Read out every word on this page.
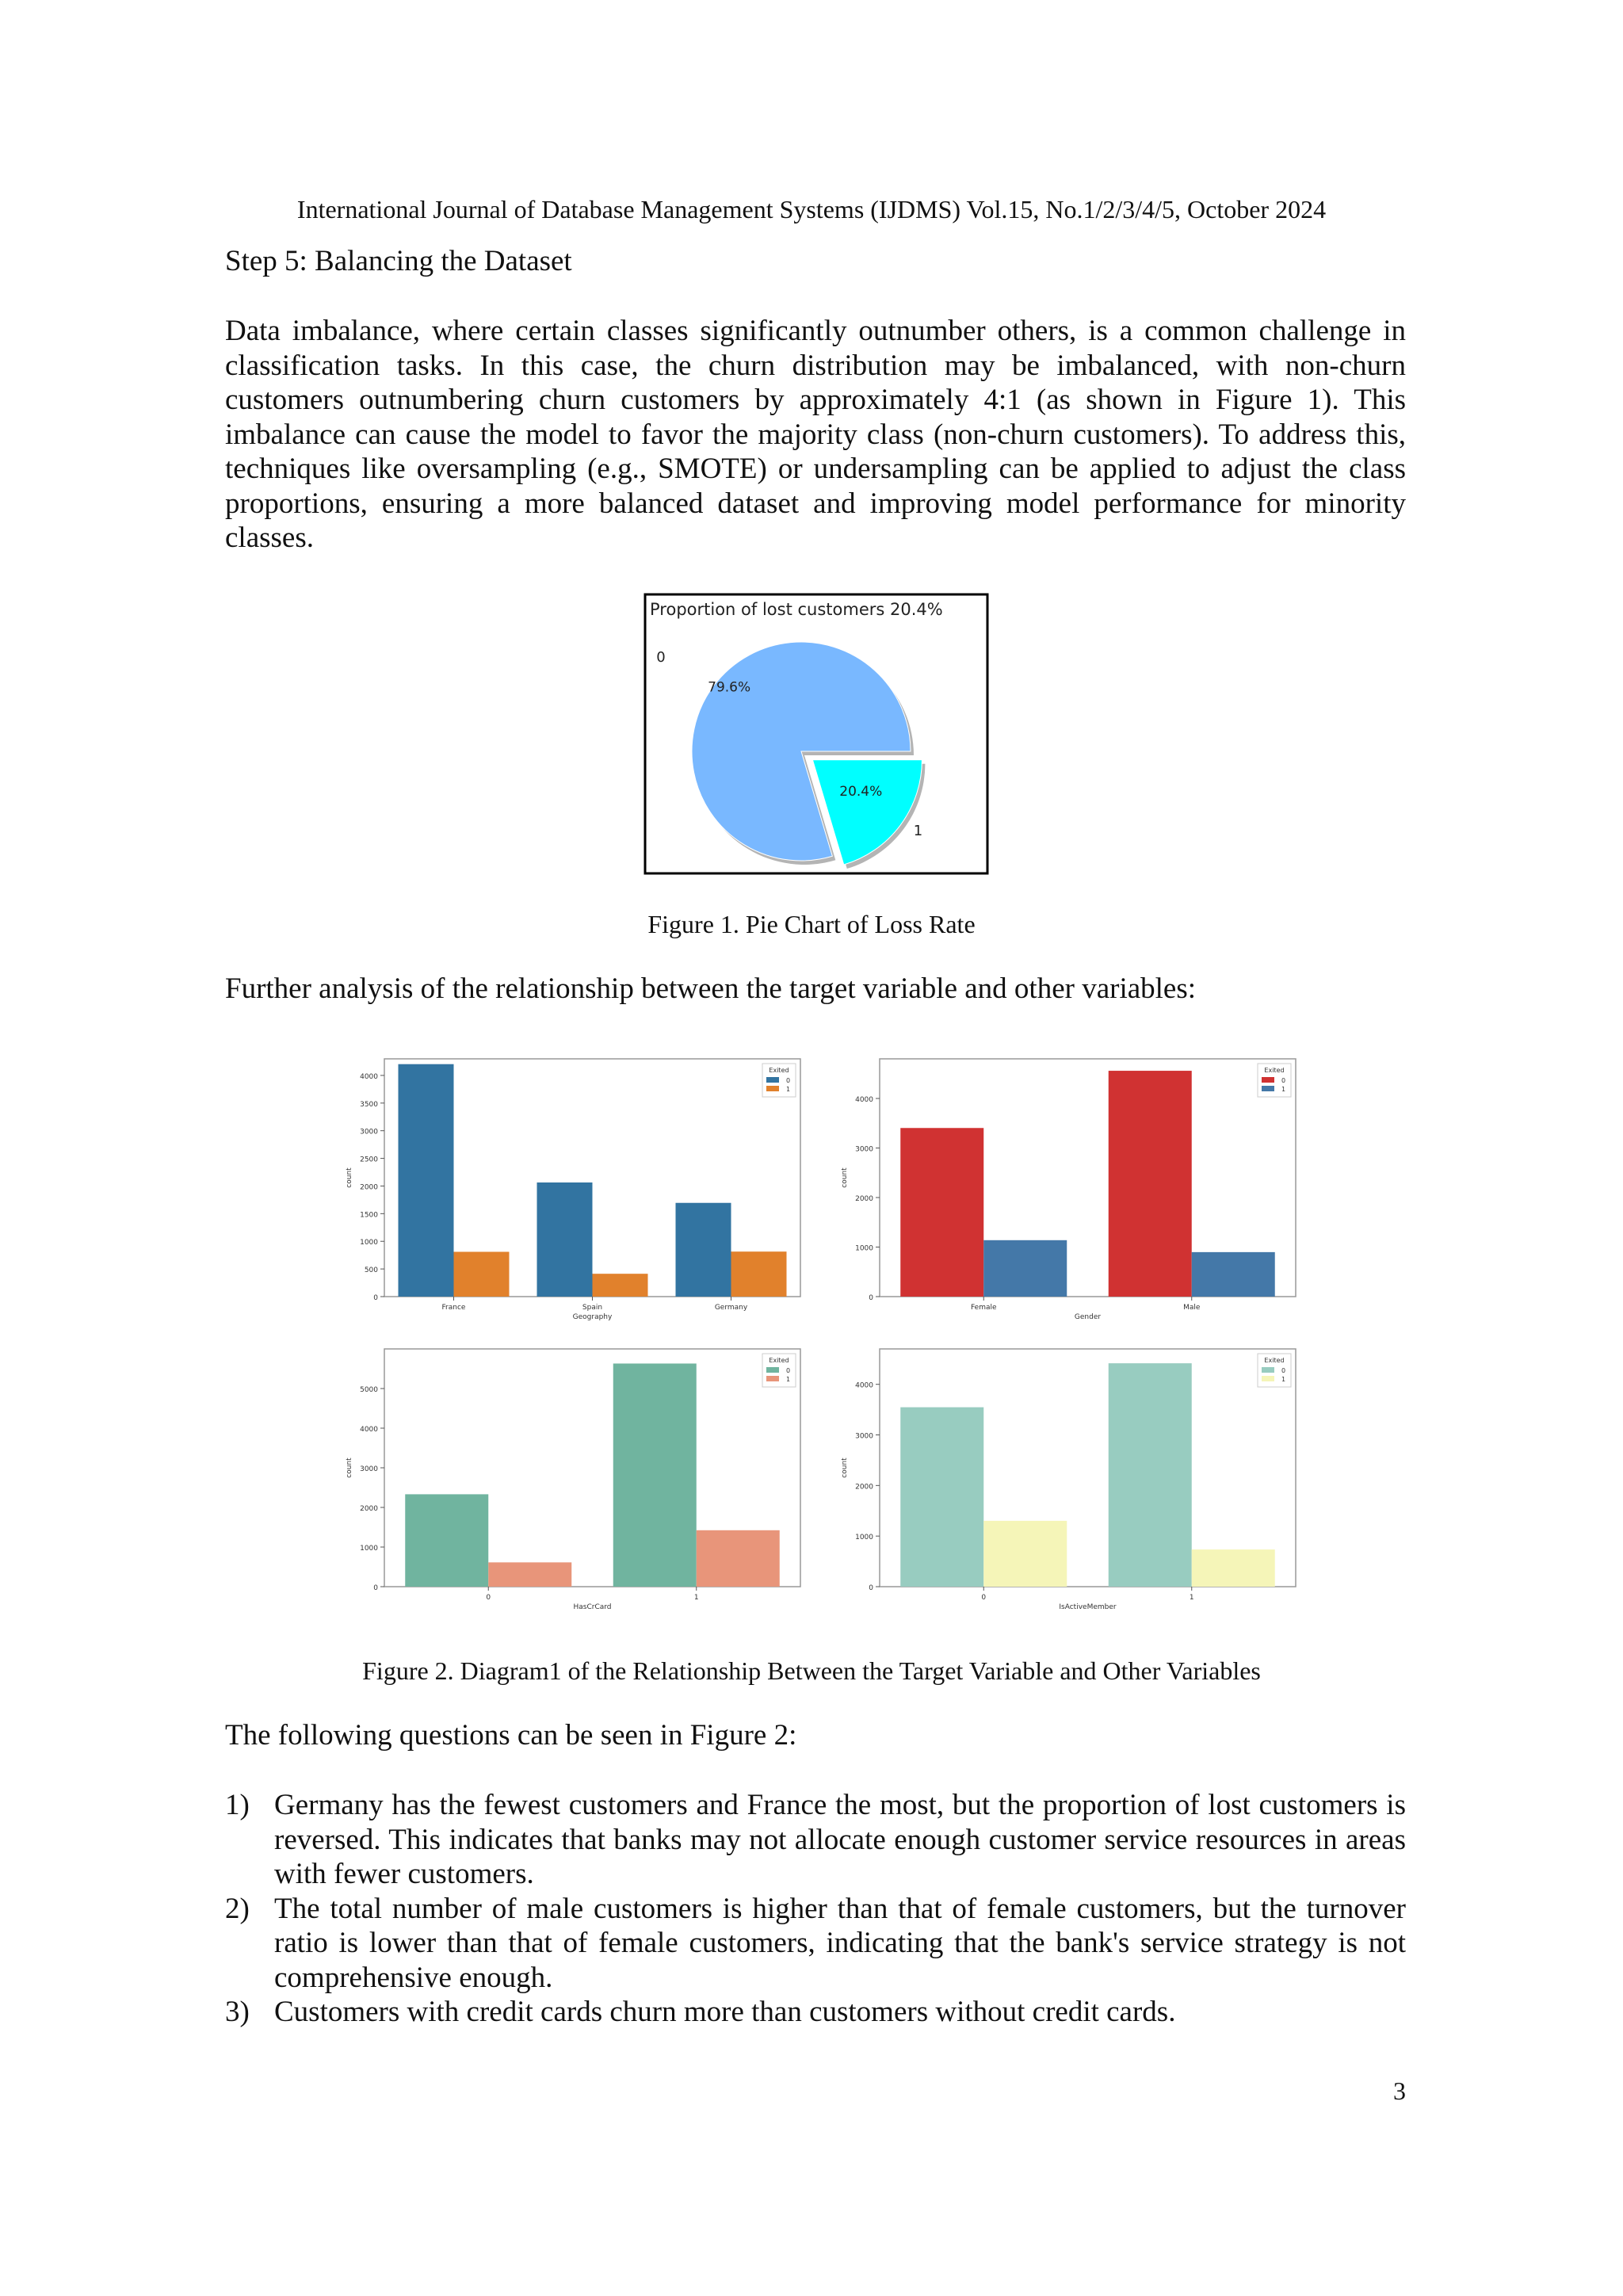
International Journal of Database Management Systems (IJDMS) Vol.15, No.1/2/3/4/5, October 2024
Step 5: Balancing the Dataset
Data imbalance, where certain classes significantly outnumber others, is a common challenge in classification tasks. In this case, the churn distribution may be imbalanced, with non-churn customers outnumbering churn customers by approximately 4:1 (as shown in Figure 1). This imbalance can cause the model to favor the majority class (non-churn customers). To address this, techniques like oversampling (e.g., SMOTE) or undersampling can be applied to adjust the class proportions, ensuring a more balanced dataset and improving model performance for minority classes.
Proportion of lost customers 20.4%
79.6%
0
20.4%
1
Figure 1. Pie Chart of Loss Rate
Further analysis of the relationship between the target variable and other variables:
0
500
1000
1500
2000
2500
3000
3500
4000
count
France	Spain	Germany
Geography
Exited
0
1
0
1000
2000
3000
4000
count
Female	Male
Gender
Exited
0
1
0
1000
2000
3000
4000
5000
count
0	1
HasCrCard
Exited
0
1
0
1000
2000
3000
4000
count
0	1
IsActiveMember
Exited
0
1
Figure 2. Diagram1 of the Relationship Between the Target Variable and Other Variables
The following questions can be seen in Figure 2:
1) Germany has the fewest customers and France the most, but the proportion of lost customers is reversed. This indicates that banks may not allocate enough customer service resources in areas with fewer customers.
2) The total number of male customers is higher than that of female customers, but the turnover ratio is lower than that of female customers, indicating that the bank's service strategy is not comprehensive enough.
3) Customers with credit cards churn more than customers without credit cards.
3
